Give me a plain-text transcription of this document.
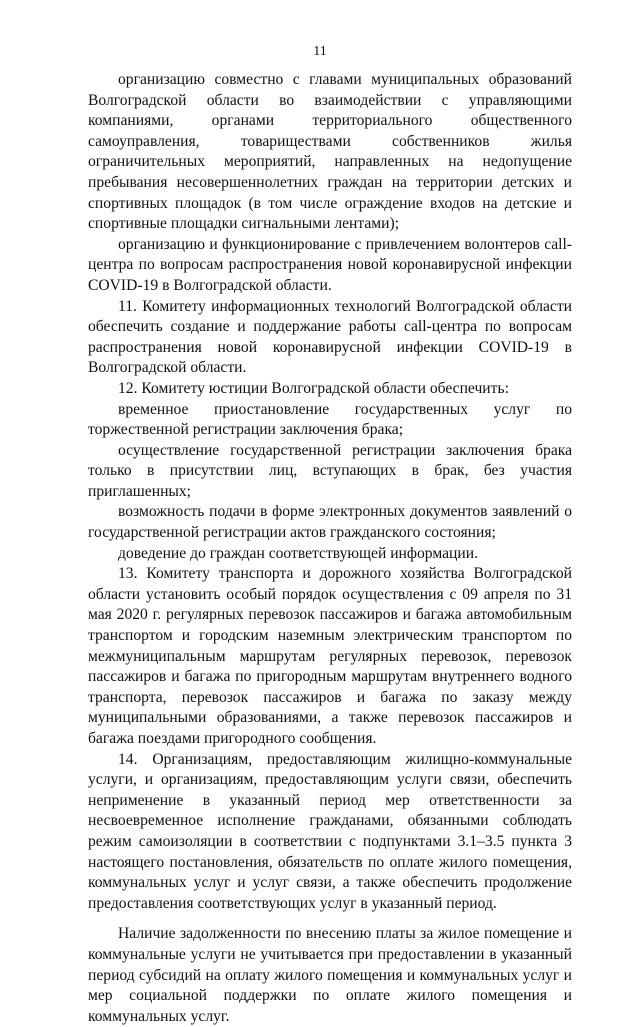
11

организацию совместно с главами муниципальных образований Волгоградской области во взаимодействии с управляющими компаниями, органами территориального общественного самоуправления, товариществами собственников жилья ограничительных мероприятий, направленных на недопущение пребывания несовершеннолетних граждан на территории детских и спортивных площадок (в том числе ограждение входов на детские и спортивные площадки сигнальными лентами);

организацию и функционирование с привлечением волонтеров call-центра по вопросам распространения новой коронавирусной инфекции COVID-19 в Волгоградской области.

11. Комитету информационных технологий Волгоградской области обеспечить создание и поддержание работы call-центра по вопросам распространения новой коронавирусной инфекции COVID-19 в Волгоградской области.

12. Комитету юстиции Волгоградской области обеспечить:

временное приостановление государственных услуг по торжественной регистрации заключения брака;

осуществление государственной регистрации заключения брака только в присутствии лиц, вступающих в брак, без участия приглашенных;

возможность подачи в форме электронных документов заявлений о государственной регистрации актов гражданского состояния;

доведение до граждан соответствующей информации.

13. Комитету транспорта и дорожного хозяйства Волгоградской области установить особый порядок осуществления с 09 апреля по 31 мая 2020 г. регулярных перевозок пассажиров и багажа автомобильным транспортом и городским наземным электрическим транспортом по межмуниципальным маршрутам регулярных перевозок, перевозок пассажиров и багажа по пригородным маршрутам внутреннего водного транспорта, перевозок пассажиров и багажа по заказу между муниципальными образованиями, а также перевозок пассажиров и багажа поездами пригородного сообщения.

14. Организациям, предоставляющим жилищно-коммунальные услуги, и организациям, предоставляющим услуги связи, обеспечить неприменение в указанный период мер ответственности за несвоевременное исполнение гражданами, обязанными соблюдать режим самоизоляции в соответствии с подпунктами 3.1–3.5 пункта 3 настоящего постановления, обязательств по оплате жилого помещения, коммунальных услуг и услуг связи, а также обеспечить продолжение предоставления соответствующих услуг в указанный период.

Наличие задолженности по внесению платы за жилое помещение и коммунальные услуги не учитывается при предоставлении в указанный период субсидий на оплату жилого помещения и коммунальных услуг и мер социальной поддержки по оплате жилого помещения и коммунальных услуг.
